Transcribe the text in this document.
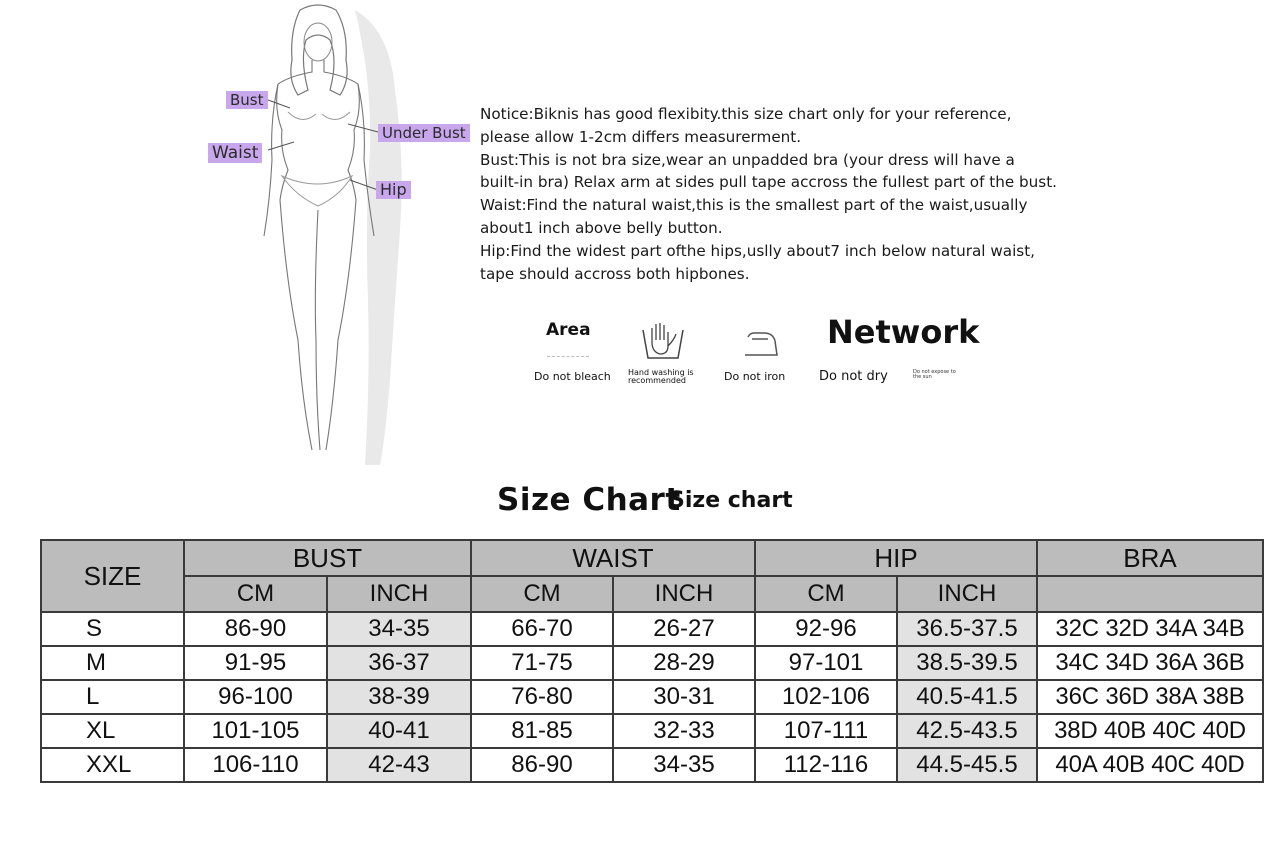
Bust
Waist
Under Bust
Hip
Notice:Biknis has good flexibity.this size chart only for your reference,
please allow 1-2cm differs measurerment.
Bust:This is not bra size,wear an unpadded bra (your dress will have a
built-in bra) Relax arm at sides pull tape accross the fullest part of the bust.
Waist:Find the natural waist,this is the smallest part of the waist,usually
about1 inch above belly button.
Hip:Find the widest part ofthe hips,uslly about7 inch below natural waist,
tape should accross both hipbones.
Area	Network
Do not bleach Hand washing is recommended	Do not iron	Do not dry	Do not expose to the sun
Size Chart
Size chart
SIZE	BUST		WAIST		HIP		BRA
	CM	INCH	CM	INCH	CM	INCH	
S	86-90	34-35	66-70	26-27	92-96	36.5-37.5	32C 32D 34A 34B
M	91-95	36-37	71-75	28-29	97-101	38.5-39.5	34C 34D 36A 36B
L	96-100	38-39	76-80	30-31	102-106	40.5-41.5	36C 36D 38A 38B
XL	101-105	40-41	81-85	32-33	107-111	42.5-43.5	38D 40B 40C 40D
XXL	106-110	42-43	86-90	34-35	112-116	44.5-45.5	40A 40B 40C 40D
